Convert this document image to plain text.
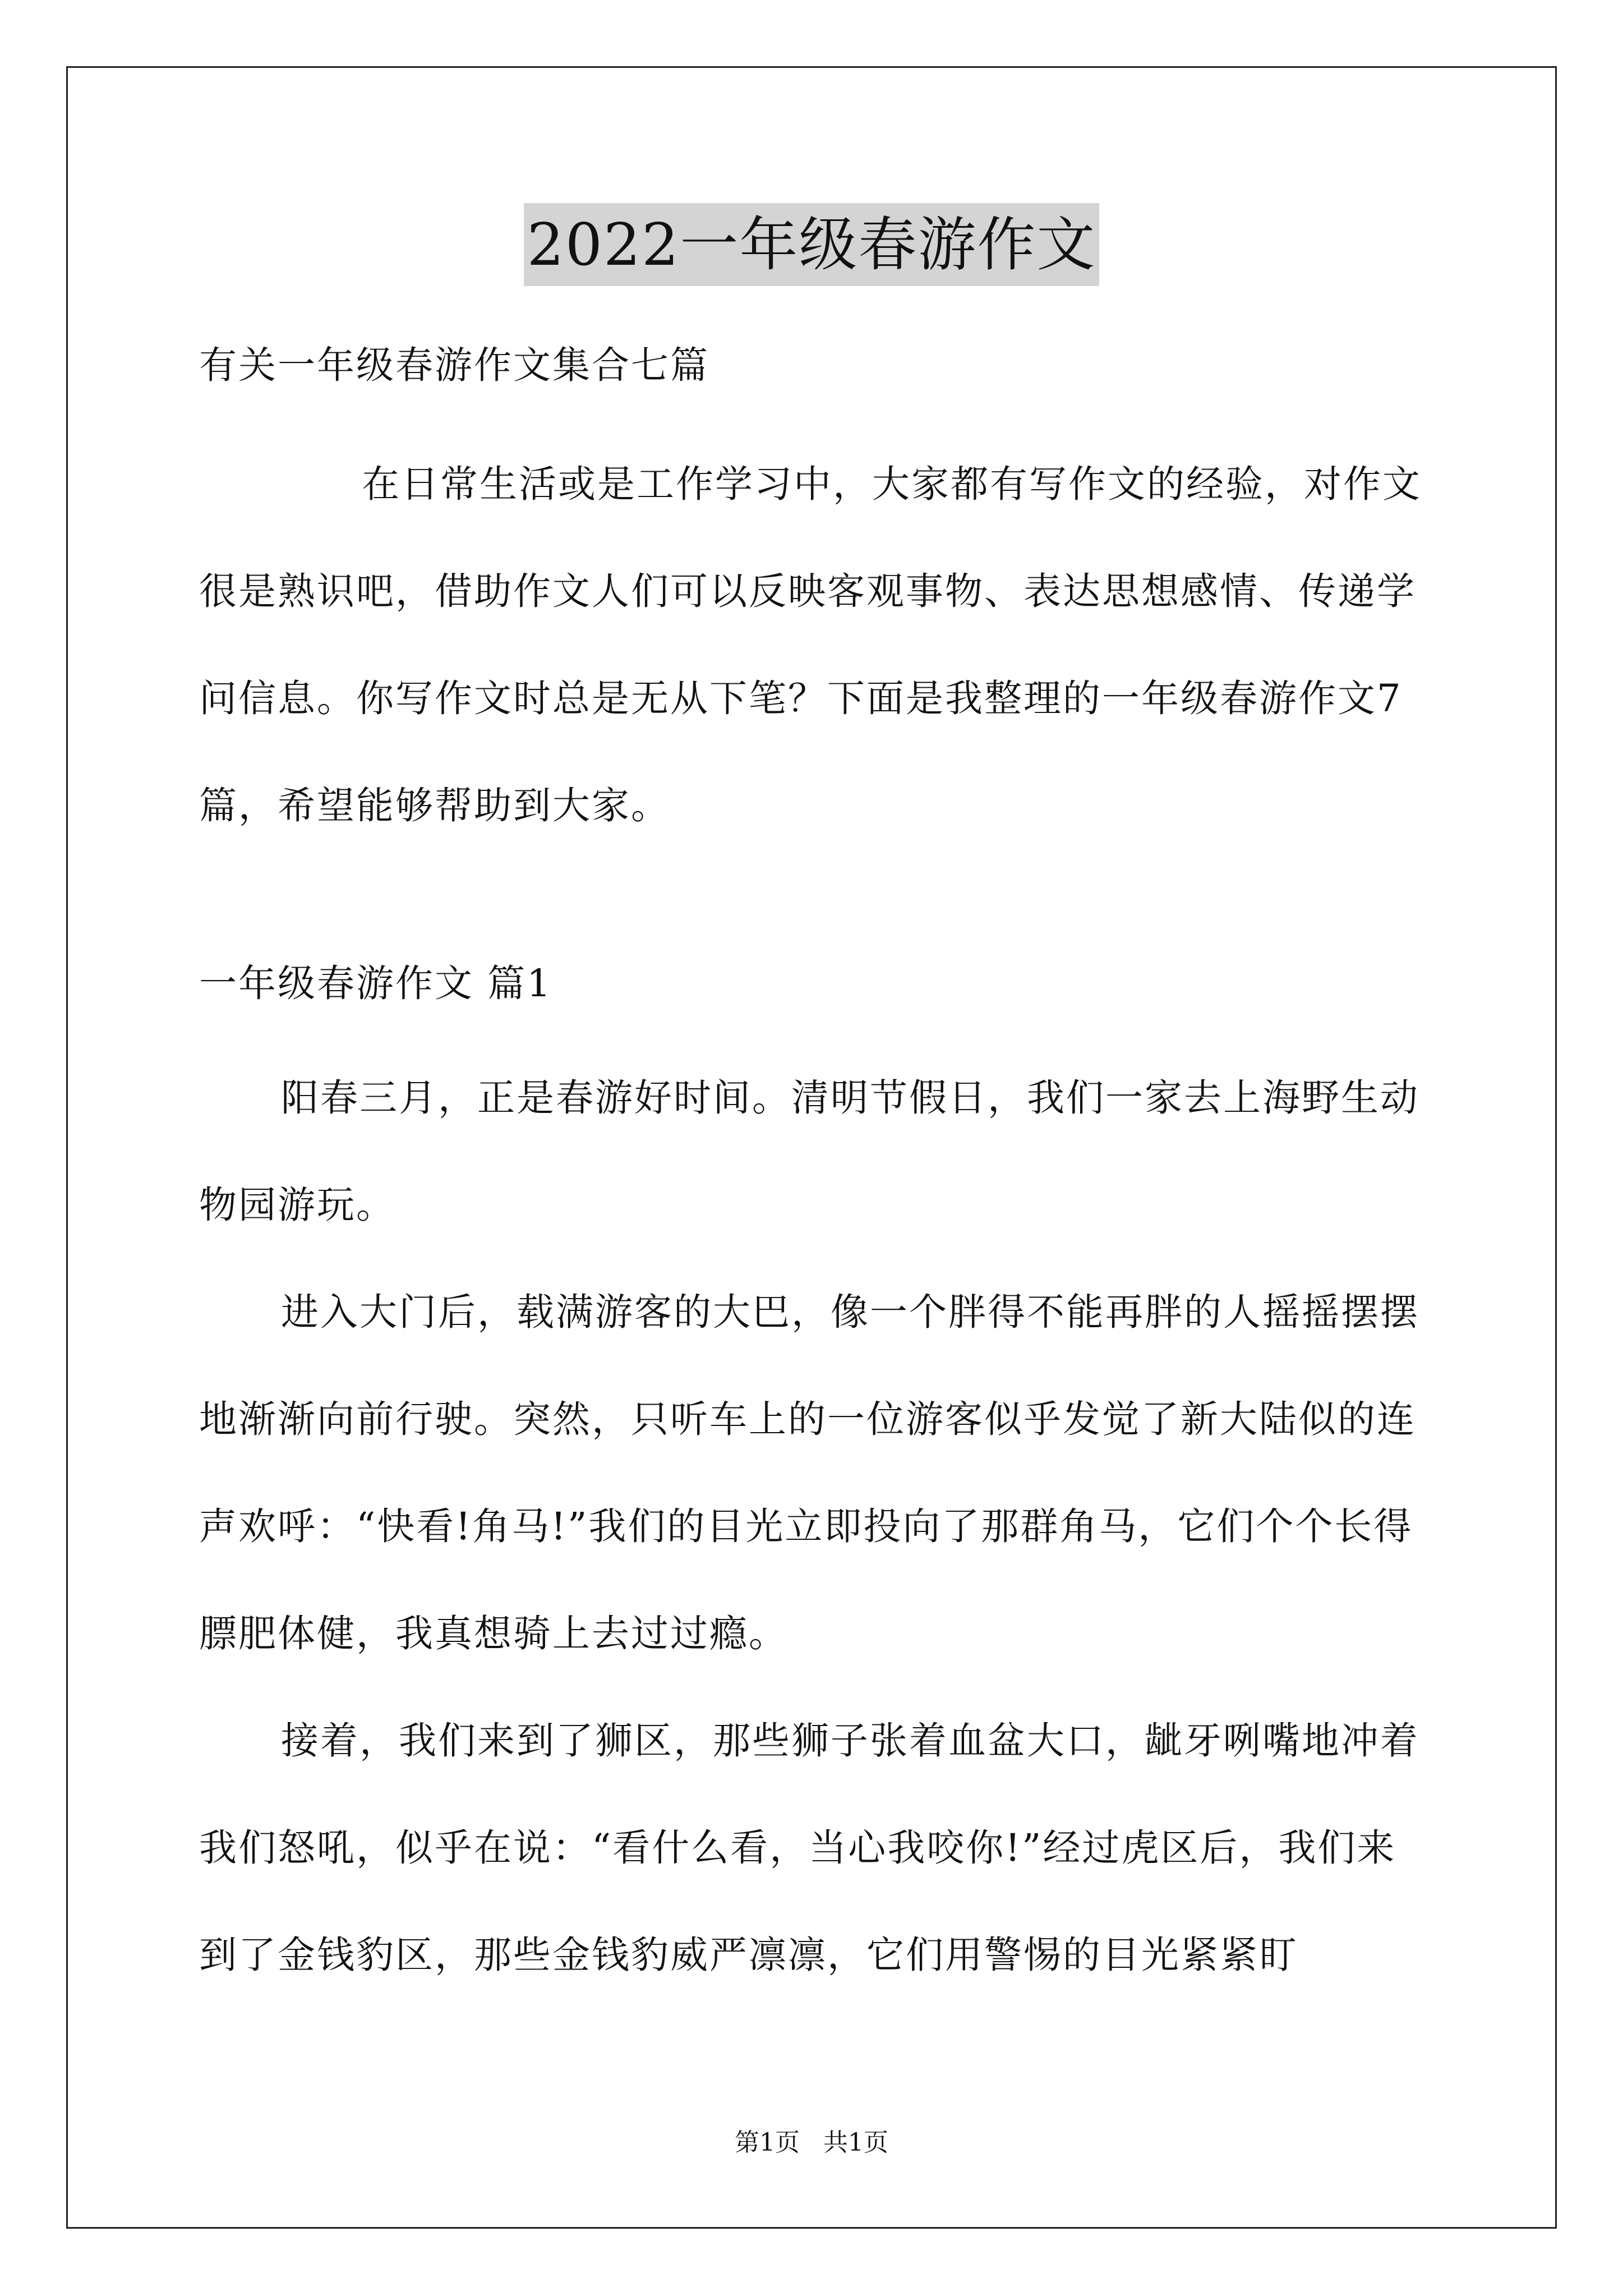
2022一年级春游作文

有关一年级春游作文集合七篇

在日常生活或是工作学习中，大家都有写作文的经验，对作文很是熟识吧，借助作文人们可以反映客观事物、表达思想感情、传递学问信息。你写作文时总是无从下笔？下面是我整理的一年级春游作文7篇，希望能够帮助到大家。

一年级春游作文 篇1

阳春三月，正是春游好时间。清明节假日，我们一家去上海野生动物园游玩。

进入大门后，载满游客的大巴，像一个胖得不能再胖的人摇摇摆摆地渐渐向前行驶。突然，只听车上的一位游客似乎发觉了新大陆似的连声欢呼：“快看!角马!”我们的目光立即投向了那群角马，它们个个长得膘肥体健，我真想骑上去过过瘾。

接着，我们来到了狮区，那些狮子张着血盆大口，龇牙咧嘴地冲着我们怒吼，似乎在说：“看什么看，当心我咬你!”经过虎区后，我们来到了金钱豹区，那些金钱豹威严凛凛，它们用警惕的目光紧紧盯

第1页 共1页
